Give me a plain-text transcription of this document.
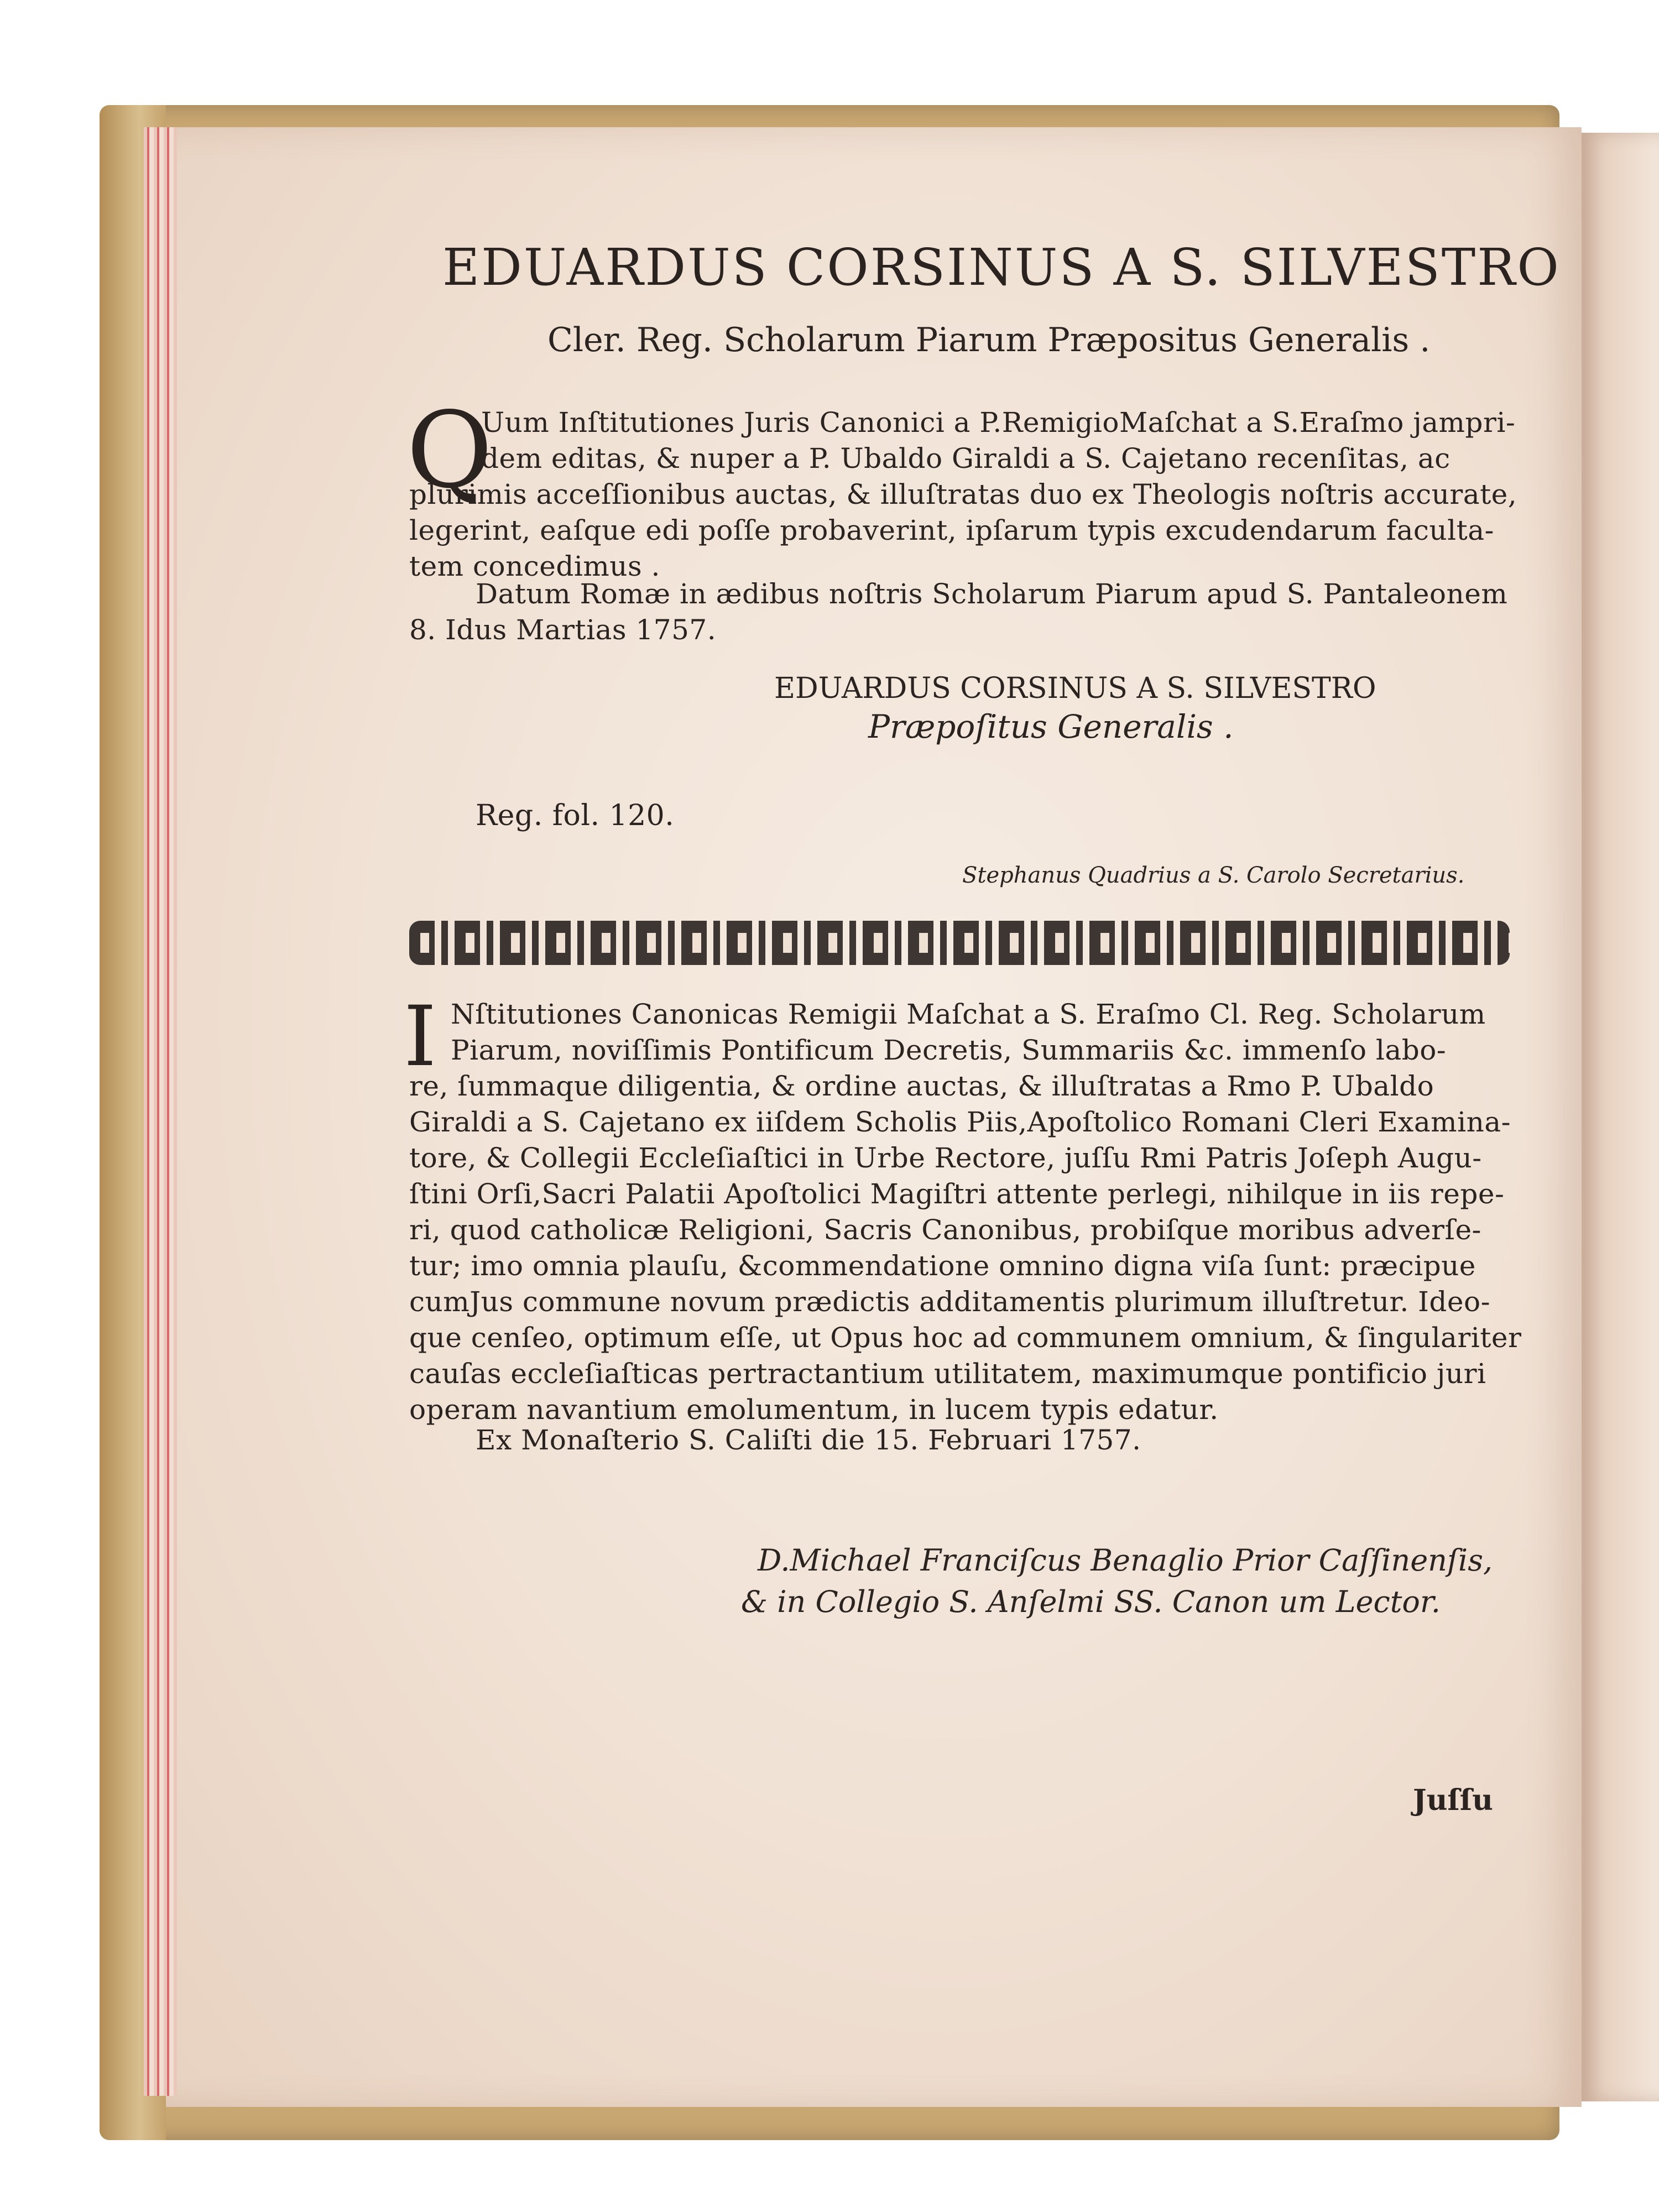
EDUARDUS CORSINUS A S. SILVESTRO
Cler. Reg. Scholarum Piarum Præpositus Generalis .
Q
Uum Inſtitutiones Juris Canonici a P.RemigioMaſchat a S.Eraſmo jampri-
dem editas, & nuper a P. Ubaldo Giraldi a S. Cajetano recenſitas, ac
plurimis acceſſionibus auctas, & illuſtratas duo ex Theologis noſtris accurate,
legerint, eaſque edi poſſe probaverint, ipſarum typis excudendarum faculta-
tem concedimus .
Datum Romæ in ædibus noſtris Scholarum Piarum apud S. Pantaleonem
8. Idus Martias 1757.
EDUARDUS CORSINUS A S. SILVESTRO
Præpoſitus Generalis .
Reg. fol. 120.
Stephanus Quadrius a S. Carolo Secretarius.
I Nſtitutiones Canonicas Remigii Maſchat a S. Eraſmo Cl. Reg. Scholarum
Piarum, noviſſimis Pontificum Decretis, Summariis &c. immenſo labo-
re, ſummaque diligentia, & ordine auctas, & illuſtratas a Rmo P. Ubaldo
Giraldi a S. Cajetano ex iiſdem Scholis Piis,Apoſtolico Romani Cleri Examina-
tore, & Collegii Eccleſiaſtici in Urbe Rectore, juſſu Rmi Patris Joſeph Augu-
ſtini Orſi,Sacri Palatii Apoſtolici Magiſtri attente perlegi, nihilque in iis repe-
ri, quod catholicæ Religioni, Sacris Canonibus, probiſque moribus adverſe-
tur; imo omnia plauſu, &commendatione omnino digna viſa ſunt: præcipue
cumJus commune novum prædictis additamentis plurimum illuſtretur. Ideo-
que cenſeo, optimum eſſe, ut Opus hoc ad communem omnium, & ſingulariter
cauſas eccleſiaſticas pertractantium utilitatem, maximumque pontificio juri
operam navantium emolumentum, in lucem typis edatur.
Ex Monaſterio S. Caliſti die 15. Februari 1757.
D.Michael Franciſcus Benaglio Prior Caſſinenſis,
& in Collegio S. Anſelmi SS. Canon um Lector.
Juſſu
